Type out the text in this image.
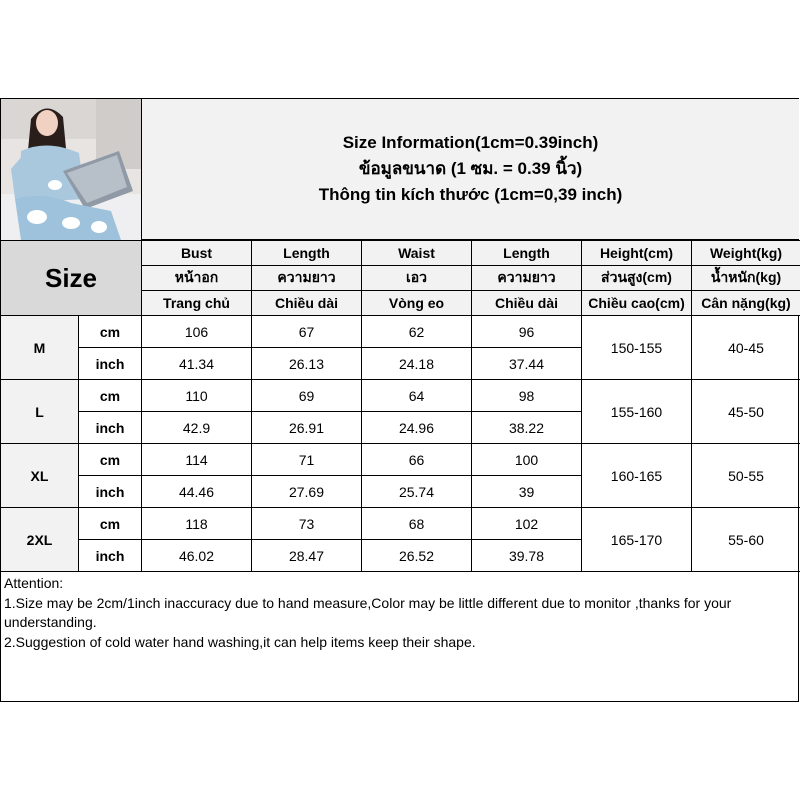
Size Information(1cm=0.39inch)
ข้อมูลขนาด (1 ซม. = 0.39 นิ้ว)
Thông tin kích thước (1cm=0,39 inch)
Size		Bust	Length	Waist	Length	Height(cm)	Weight(kg)
		หน้าอก	ความยาว	เอว	ความยาว	ส่วนสูง(cm)	น้ำหนัก(kg)
		Trang chủ	Chiều dài	Vòng eo	Chiều dài	Chiều cao(cm)	Cân nặng(kg)
M	cm	106	67	62	96	150-155	40-45
	inch	41.34	26.13	24.18	37.44		
L	cm	110	69	64	98	155-160	45-50
	inch	42.9	26.91	24.96	38.22		
XL	cm	114	71	66	100	160-165	50-55
	inch	44.46	27.69	25.74	39		
2XL	cm	118	73	68	102	165-170	55-60
	inch	46.02	28.47	26.52	39.78		
Attention:
1.Size may be 2cm/1inch inaccuracy due to hand measure,Color may be little different due to monitor ,thanks for your understanding.
2.Suggestion of cold water hand washing,it can help items keep their shape.
